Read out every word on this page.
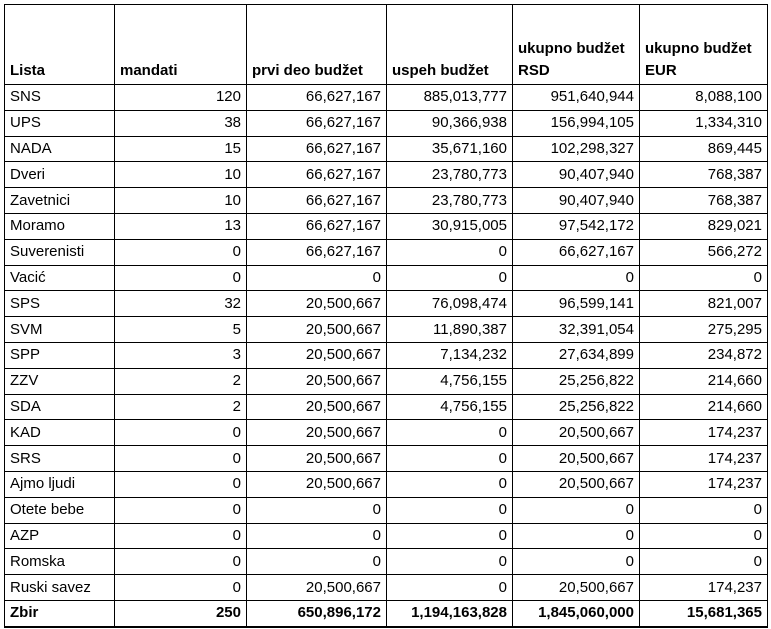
Lista	mandati	prvi deo budžet	uspeh budžet	ukupno budžet RSD	ukupno budžet EUR
SNS	120	66,627,167	885,013,777	951,640,944	8,088,100
UPS	38	66,627,167	90,366,938	156,994,105	1,334,310
NADA	15	66,627,167	35,671,160	102,298,327	869,445
Dveri	10	66,627,167	23,780,773	90,407,940	768,387
Zavetnici	10	66,627,167	23,780,773	90,407,940	768,387
Moramo	13	66,627,167	30,915,005	97,542,172	829,021
Suverenisti	0	66,627,167	0	66,627,167	566,272
Vacić	0	0	0	0	0
SPS	32	20,500,667	76,098,474	96,599,141	821,007
SVM	5	20,500,667	11,890,387	32,391,054	275,295
SPP	3	20,500,667	7,134,232	27,634,899	234,872
ZZV	2	20,500,667	4,756,155	25,256,822	214,660
SDA	2	20,500,667	4,756,155	25,256,822	214,660
KAD	0	20,500,667	0	20,500,667	174,237
SRS	0	20,500,667	0	20,500,667	174,237
Ajmo ljudi	0	20,500,667	0	20,500,667	174,237
Otete bebe	0	0	0	0	0
AZP	0	0	0	0	0
Romska	0	0	0	0	0
Ruski savez	0	20,500,667	0	20,500,667	174,237
Zbir	250	650,896,172	1,194,163,828	1,845,060,000	15,681,365
